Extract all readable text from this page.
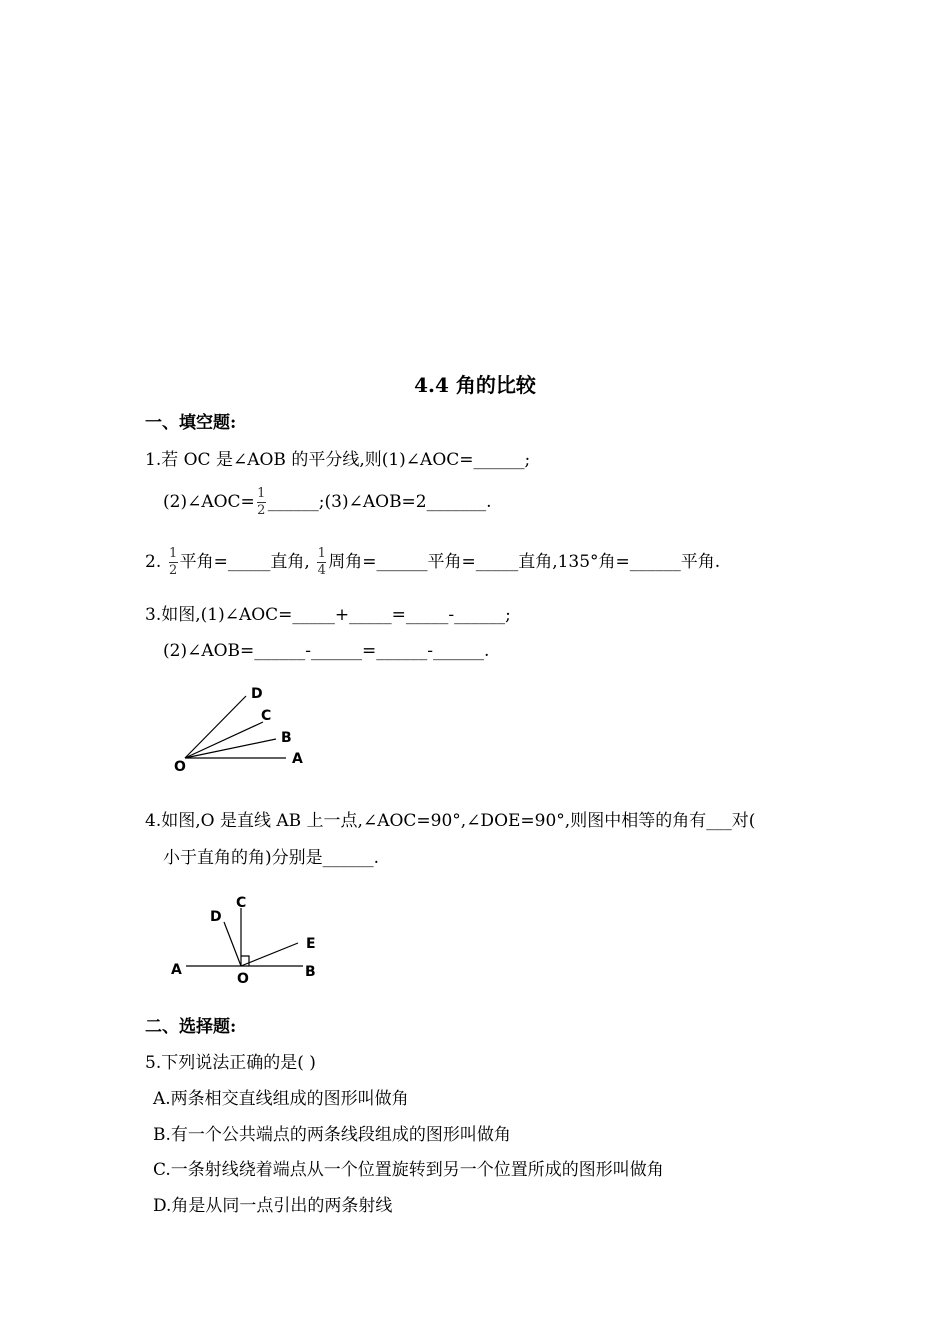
4.4 角的比较
一、填空题:
1.若 OC 是∠AOB 的平分线,则(1)∠AOC=______;
(2)∠AOC= $\frac{1}{2}$ ______;(3)∠AOB=2_______.
2. $\frac{1}{2}$ 平角=_____直角, $\frac{1}{4}$ 周角=______平角=_____直角,135°角=______平角.
3.如图,(1)∠AOC=_____+_____=_____-______;
(2)∠AOB=______-______=______-______.
D
C
B
A
O
4.如图,O 是直线 AB 上一点,∠AOC=90°,∠DOE=90°,则图中相等的角有___对(
小于直角的角)分别是______.
C
D
E
A
O	B
二、选择题:
5.下列说法正确的是( )
A.两条相交直线组成的图形叫做角
B.有一个公共端点的两条线段组成的图形叫做角
C.一条射线绕着端点从一个位置旋转到另一个位置所成的图形叫做角
D.角是从同一点引出的两条射线
